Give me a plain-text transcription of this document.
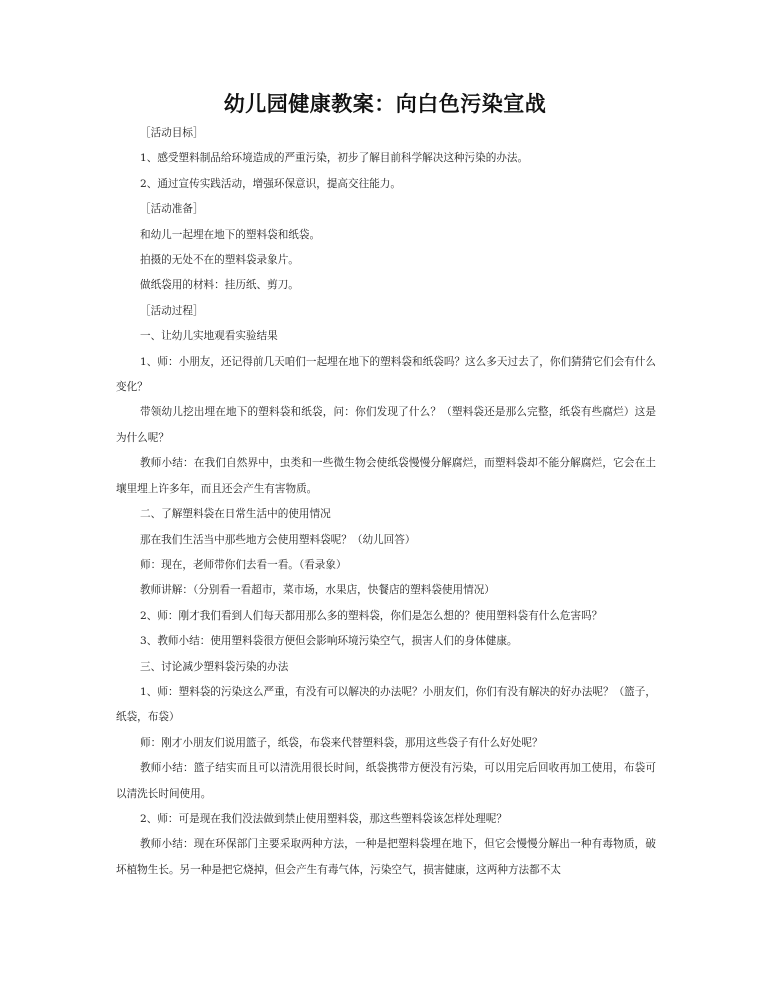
幼儿园健康教案：向白色污染宣战

［活动目标］

1、感受塑料制品给环境造成的严重污染，初步了解目前科学解决这种污染的办法。

2、通过宣传实践活动，增强环保意识，提高交往能力。

［活动准备］

和幼儿一起埋在地下的塑料袋和纸袋。

拍摄的无处不在的塑料袋录象片。

做纸袋用的材料：挂历纸、剪刀。

［活动过程］

一、让幼儿实地观看实验结果

1、师：小朋友，还记得前几天咱们一起埋在地下的塑料袋和纸袋吗？这么多天过去了，你们猜猜它们会有什么变化？

带领幼儿挖出埋在地下的塑料袋和纸袋，问：你们发现了什么？（塑料袋还是那么完整，纸袋有些腐烂）这是为什么呢？

教师小结：在我们自然界中，虫类和一些微生物会使纸袋慢慢分解腐烂，而塑料袋却不能分解腐烂，它会在土壤里埋上许多年，而且还会产生有害物质。

二、了解塑料袋在日常生活中的使用情况

那在我们生活当中那些地方会使用塑料袋呢？（幼儿回答）

师：现在，老师带你们去看一看。（看录象）

教师讲解：（分别看一看超市，菜市场，水果店，快餐店的塑料袋使用情况）

2、师：刚才我们看到人们每天都用那么多的塑料袋，你们是怎么想的？使用塑料袋有什么危害吗？

3、教师小结：使用塑料袋很方便但会影响环境污染空气，损害人们的身体健康。

三、讨论减少塑料袋污染的办法

1、师：塑料袋的污染这么严重，有没有可以解决的办法呢？小朋友们，你们有没有解决的好办法呢？（篮子，纸袋，布袋）

师：刚才小朋友们说用篮子，纸袋，布袋来代替塑料袋，那用这些袋子有什么好处呢？

教师小结：篮子结实而且可以清洗用很长时间，纸袋携带方便没有污染，可以用完后回收再加工使用，布袋可以清洗长时间使用。

2、师：可是现在我们没法做到禁止使用塑料袋，那这些塑料袋该怎样处理呢？

教师小结：现在环保部门主要采取两种方法，一种是把塑料袋埋在地下，但它会慢慢分解出一种有毒物质，破坏植物生长。另一种是把它烧掉，但会产生有毒气体，污染空气，损害健康，这两种方法都不太
